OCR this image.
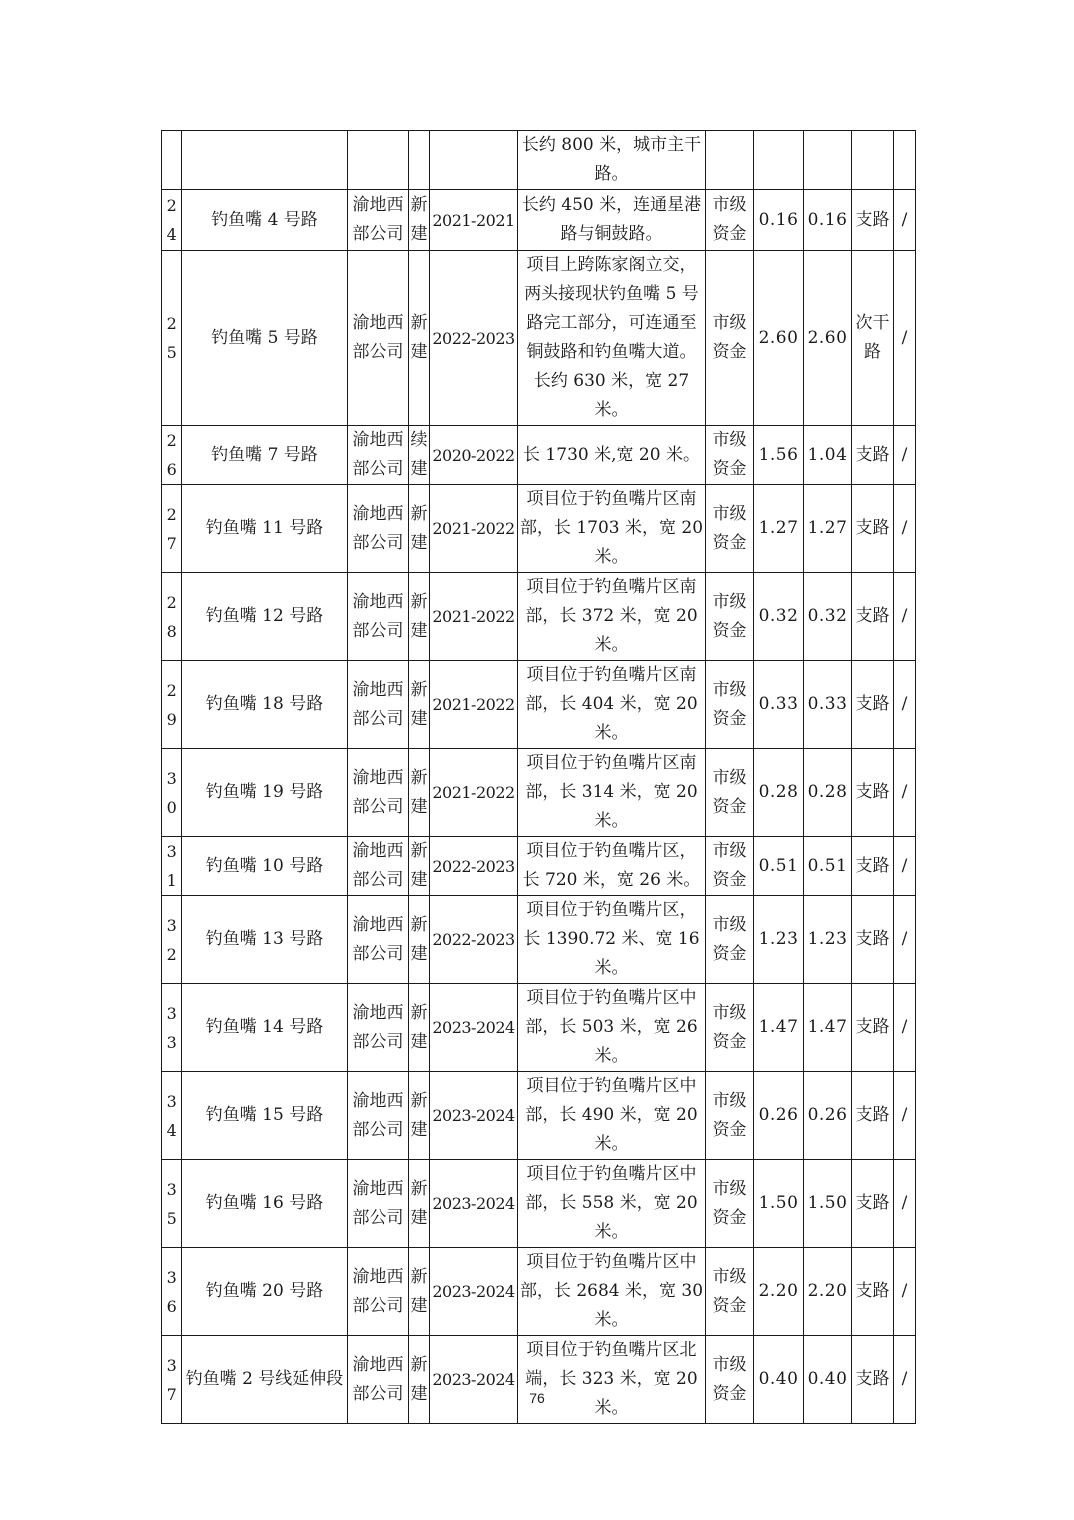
					长约 800 米，城市主干路。					
24	钓鱼嘴 4 号路	渝地西部公司	新建	2021-2021	长约 450 米，连通星港路与铜鼓路。	市级资金	0.16	0.16	支路	/
25	钓鱼嘴 5 号路	渝地西部公司	新建	2022-2023	项目上跨陈家阁立交，两头接现状钓鱼嘴 5 号路完工部分，可连通至铜鼓路和钓鱼嘴大道。长约 630 米，宽 27 米。	市级资金	2.60	2.60	次干路	/
26	钓鱼嘴 7 号路	渝地西部公司	续建	2020-2022	长 1730 米,宽 20 米。	市级资金	1.56	1.04	支路	/
27	钓鱼嘴 11 号路	渝地西部公司	新建	2021-2022	项目位于钓鱼嘴片区南部，长 1703 米，宽 20 米。	市级资金	1.27	1.27	支路	/
28	钓鱼嘴 12 号路	渝地西部公司	新建	2021-2022	项目位于钓鱼嘴片区南部，长 372 米，宽 20 米。	市级资金	0.32	0.32	支路	/
29	钓鱼嘴 18 号路	渝地西部公司	新建	2021-2022	项目位于钓鱼嘴片区南部，长 404 米，宽 20 米。	市级资金	0.33	0.33	支路	/
30	钓鱼嘴 19 号路	渝地西部公司	新建	2021-2022	项目位于钓鱼嘴片区南部，长 314 米，宽 20 米。	市级资金	0.28	0.28	支路	/
31	钓鱼嘴 10 号路	渝地西部公司	新建	2022-2023	项目位于钓鱼嘴片区，长 720 米，宽 26 米。	市级资金	0.51	0.51	支路	/
32	钓鱼嘴 13 号路	渝地西部公司	新建	2022-2023	项目位于钓鱼嘴片区，长 1390.72 米、宽 16 米。	市级资金	1.23	1.23	支路	/
33	钓鱼嘴 14 号路	渝地西部公司	新建	2023-2024	项目位于钓鱼嘴片区中部，长 503 米，宽 26 米。	市级资金	1.47	1.47	支路	/
34	钓鱼嘴 15 号路	渝地西部公司	新建	2023-2024	项目位于钓鱼嘴片区中部，长 490 米，宽 20 米。	市级资金	0.26	0.26	支路	/
35	钓鱼嘴 16 号路	渝地西部公司	新建	2023-2024	项目位于钓鱼嘴片区中部，长 558 米，宽 20 米。	市级资金	1.50	1.50	支路	/
36	钓鱼嘴 20 号路	渝地西部公司	新建	2023-2024	项目位于钓鱼嘴片区中部，长 2684 米，宽 30 米。	市级资金	2.20	2.20	支路	/
37	钓鱼嘴 2 号线延伸段	渝地西部公司	新建	2023-2024	项目位于钓鱼嘴片区北端，长 323 米，宽 20 米。	市级资金	0.40	0.40	支路	/
76
